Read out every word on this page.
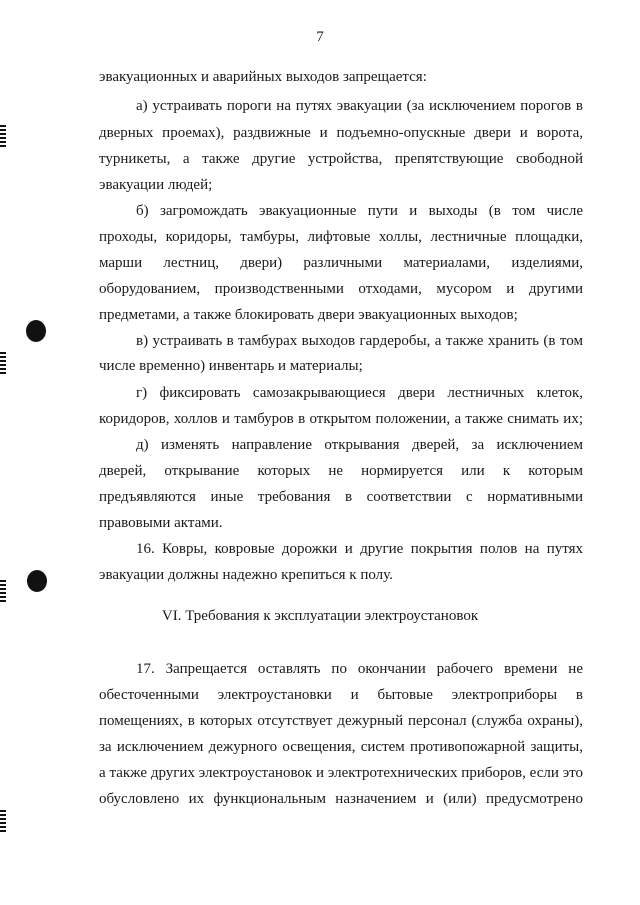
7
VI. Требования к эксплуатации электроустановок
эвакуационных и аварийных выходов запрещается:
а) устраивать пороги на путях эвакуации (за исключением порогов в
дверных проемах), раздвижные и подъемно-опускные двери и ворота,
турникеты, а также другие устройства, препятствующие свободной
эвакуации людей;
б) загромождать эвакуационные пути и выходы (в том числе
проходы, коридоры, тамбуры, лифтовые холлы, лестничные площадки,
марши лестниц, двери) различными материалами, изделиями,
оборудованием, производственными отходами, мусором и другими
предметами, а также блокировать двери эвакуационных выходов;
в) устраивать в тамбурах выходов гардеробы, а также хранить (в том
числе временно) инвентарь и материалы;
г) фиксировать самозакрывающиеся двери лестничных клеток,
коридоров, холлов и тамбуров в открытом положении, а также снимать их;
д) изменять направление открывания дверей, за исключением
дверей, открывание которых не нормируется или к которым
предъявляются иные требования в соответствии с нормативными
правовыми актами.
16. Ковры, ковровые дорожки и другие покрытия полов на путях
эвакуации должны надежно крепиться к полу.
17. Запрещается оставлять по окончании рабочего времени не
обесточенными электроустановки и бытовые электроприборы в
помещениях, в которых отсутствует дежурный персонал (служба охраны),
за исключением дежурного освещения, систем противопожарной защиты,
а также других электроустановок и электротехнических приборов, если это
обусловлено их функциональным назначением и (или) предусмотрено
